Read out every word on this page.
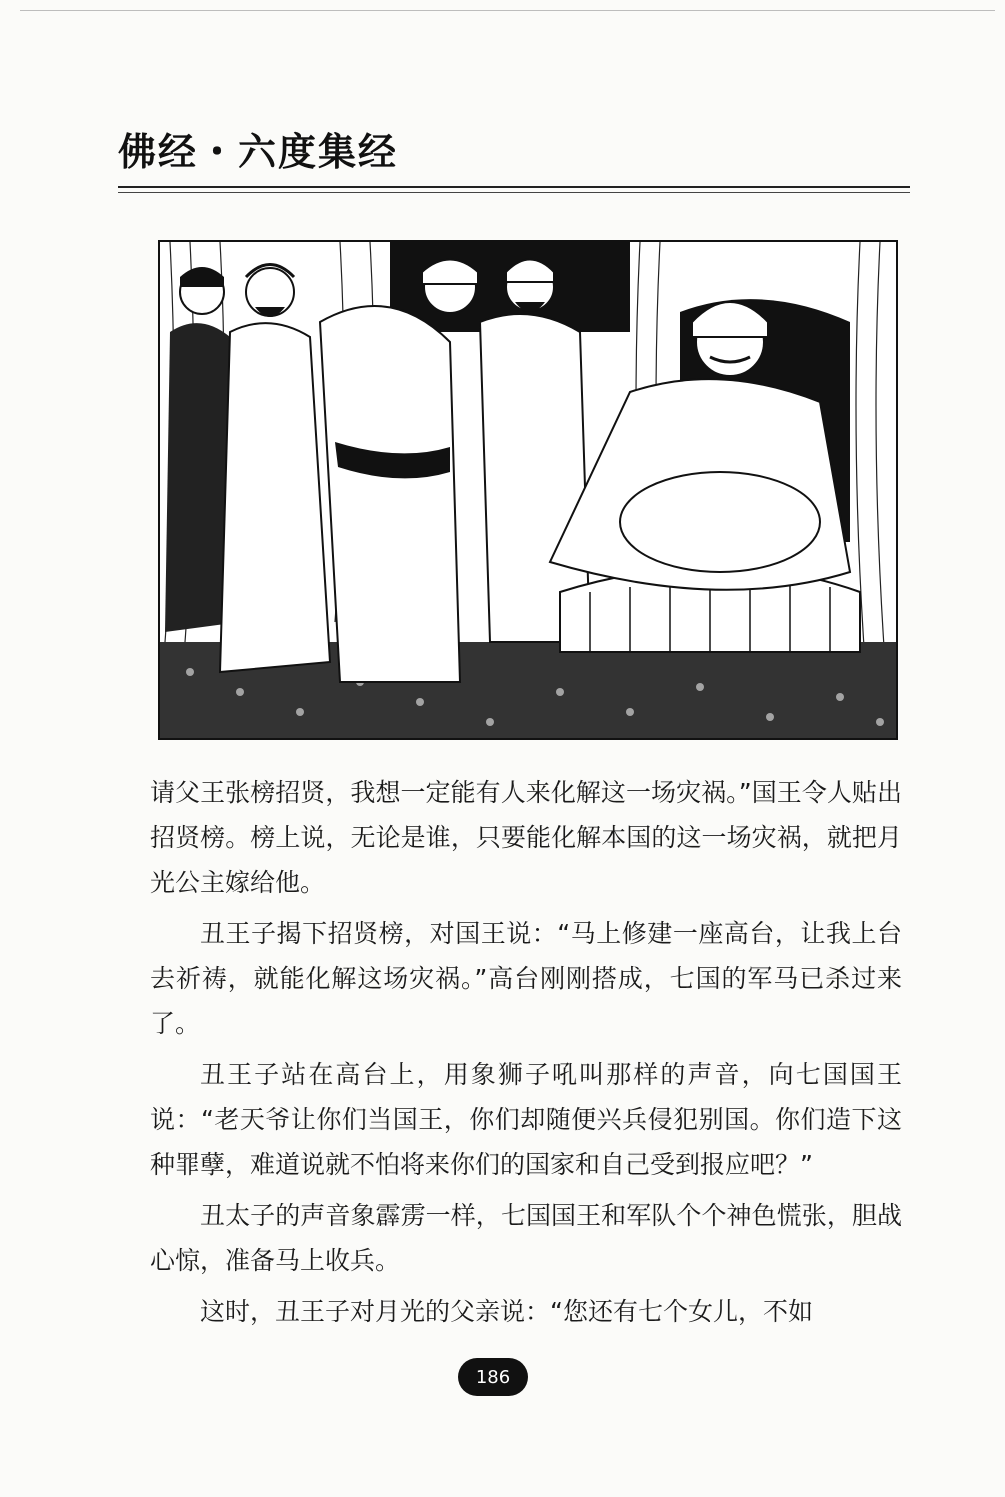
佛经・六度集经

请父王张榜招贤，我想一定能有人来化解这一场灾祸。”国王令人贴出招贤榜。榜上说，无论是谁，只要能化解本国的这一场灾祸，就把月光公主嫁给他。

丑王子揭下招贤榜，对国王说：“马上修建一座高台，让我上台去祈祷，就能化解这场灾祸。”高台刚刚搭成，七国的军马已杀过来了。

丑王子站在高台上，用象狮子吼叫那样的声音，向七国国王说：“老天爷让你们当国王，你们却随便兴兵侵犯别国。你们造下这种罪孽，难道说就不怕将来你们的国家和自己受到报应吧？”

丑太子的声音象霹雳一样，七国国王和军队个个神色慌张，胆战心惊，准备马上收兵。

这时，丑王子对月光的父亲说：“您还有七个女儿，不如

186
